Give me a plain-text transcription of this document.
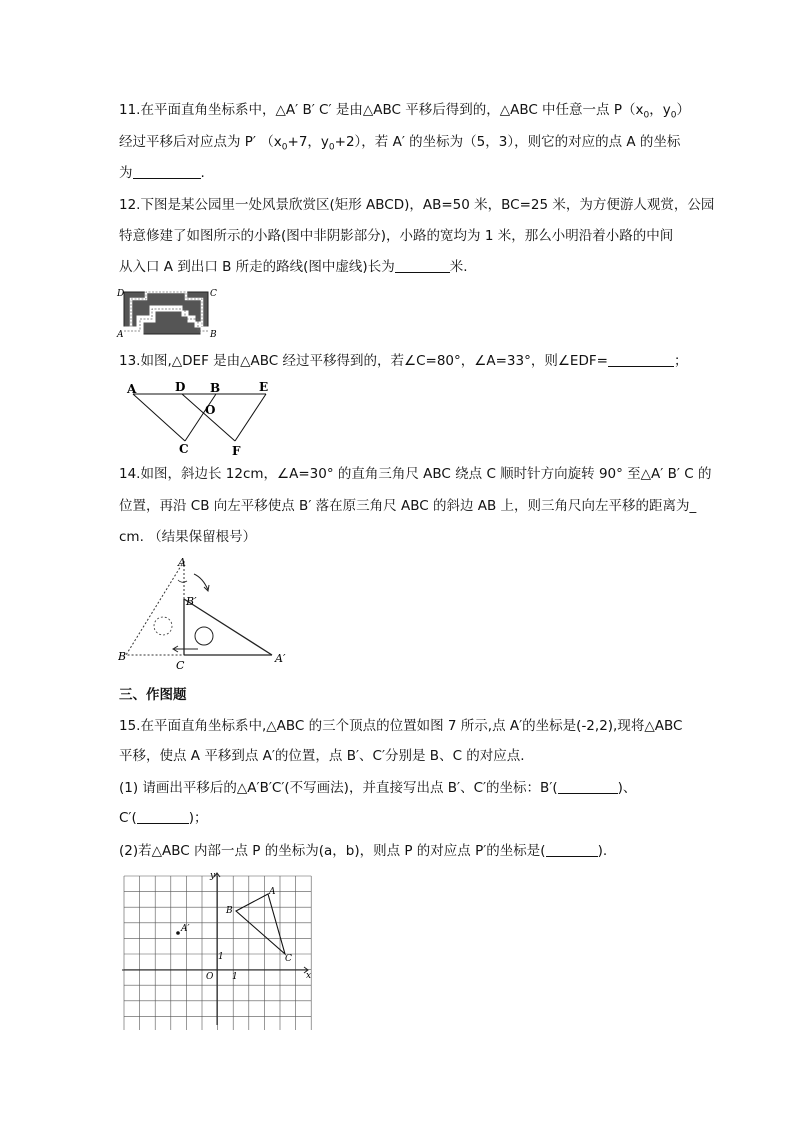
11.在平面直角坐标系中，△A′ B′ C′ 是由△ABC 平移后得到的，△ABC 中任意一点 $P(x_0$，$y_0$）
经过平移后对应点为 P′ （$x_0+7$，$y_0+2$），若 A′ 的坐标为（5，3），则它的对应的点 A 的坐标
为	.
12.下图是某公园里一处风景欣赏区(矩形 ABCD)，AB=50 米，BC=25 米，为方便游人观赏，公园
特意修建了如图所示的小路(图中非阴影部分)，小路的宽均为 1 米，那么小明沿着小路的中间
从入口 A 到出口 B 所走的路线(图中虚线)长为	米.
D	C
A	B
13.如图,△DEF 是由△ABC 经过平移得到的，若∠C=80°，∠A=33°，则∠EDF=	；
A	D B	E
O
C	F
14.如图，斜边长 12cm，∠A=30° 的直角三角尺 ABC 绕点 C 顺时针方向旋转 90° 至△A′ B′ C 的
位置，再沿 CB 向左平移使点 B′ 落在原三角尺 ABC 的斜边 AB 上，则三角尺向左平移的距离为_
cm. （结果保留根号）
A
B′
B
C
A′
三、作图题
15.在平面直角坐标系中,△ABC 的三个顶点的位置如图 7 所示,点 A′的坐标是(-2,2),现将△ABC
平移，使点 A 平移到点 A′的位置，点 B′、C′分别是 B、C 的对应点.
(1) 请画出平移后的△A′B′C′(不写画法)，并直接写出点 B′、C′的坐标：B′(	)、
C′(	)；
(2)若△ABC 内部一点 P 的坐标为(a，b)，则点 P 的对应点 P′的坐标是(	).
y
x
O 1
1
A
B
C
A′
